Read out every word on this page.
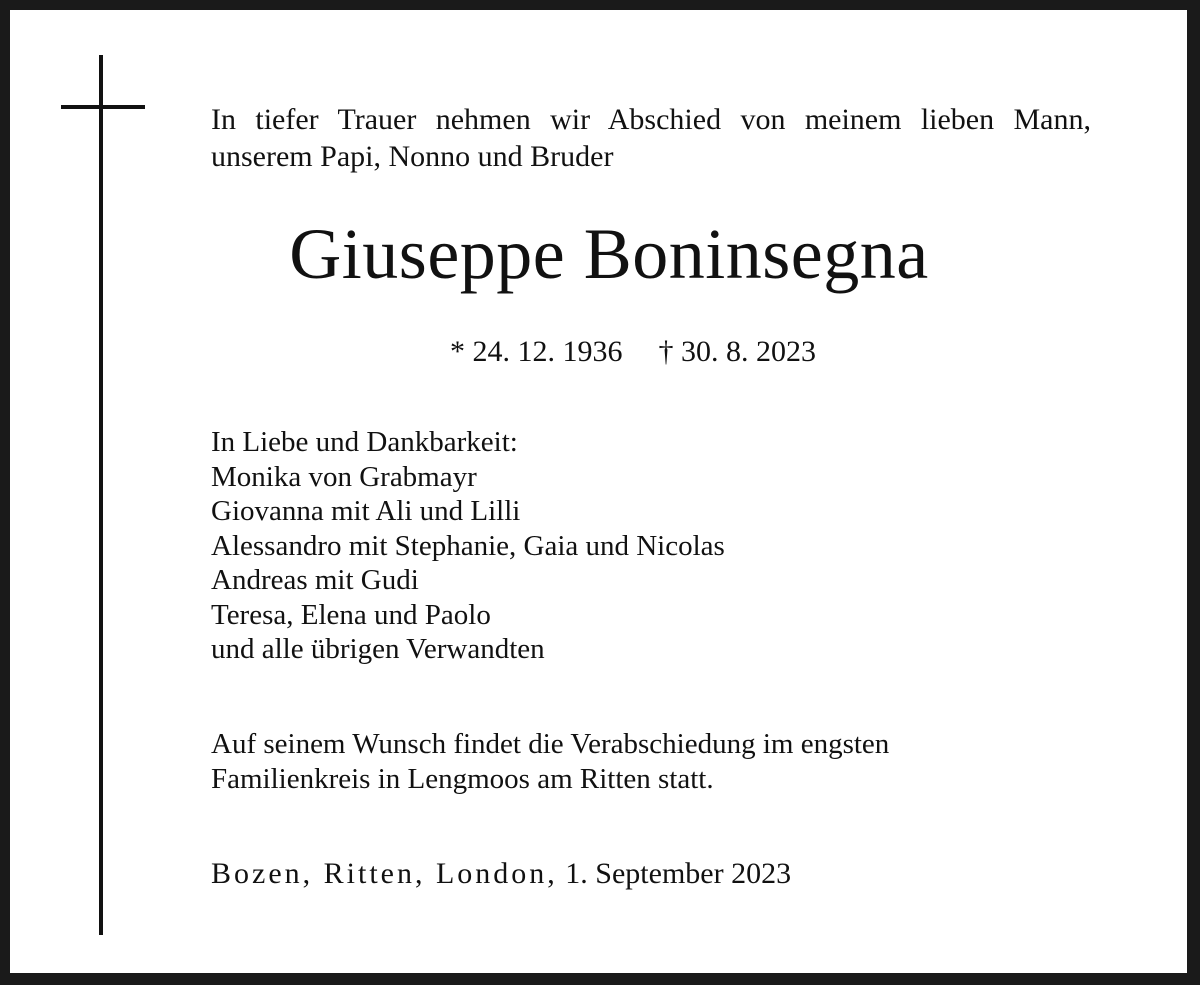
In tiefer Trauer nehmen wir Abschied von meinem lieben Mann,
unserem Papi, Nonno und Bruder
Giuseppe Boninsegna
* 24. 12. 1936 † 30. 8. 2023
In Liebe und Dankbarkeit:
Monika von Grabmayr
Giovanna mit Ali und Lilli
Alessandro mit Stephanie, Gaia und Nicolas
Andreas mit Gudi
Teresa, Elena und Paolo
und alle übrigen Verwandten
Auf seinem Wunsch findet die Verabschiedung im engsten
Familienkreis in Lengmoos am Ritten statt.
Bozen, Ritten, London, 1. September 2023
